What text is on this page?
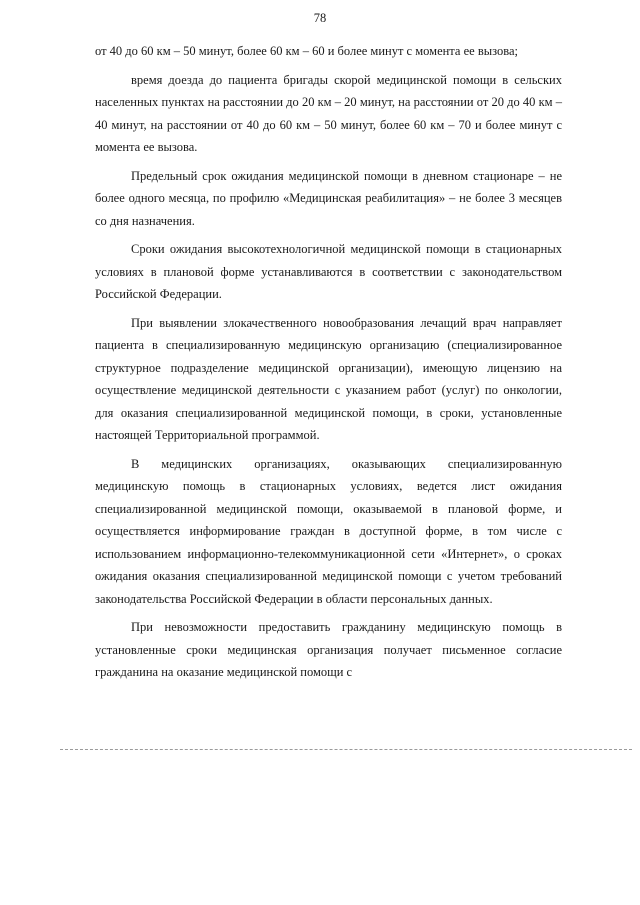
78

от 40 до 60 км – 50 минут, более 60 км – 60 и более минут с момента ее вызова;

время доезда до пациента бригады скорой медицинской помощи в сельских населенных пунктах на расстоянии до 20 км – 20 минут, на расстоянии от 20 до 40 км – 40 минут, на расстоянии от 40 до 60 км – 50 минут, более 60 км – 70 и более минут с момента ее вызова.

Предельный срок ожидания медицинской помощи в дневном стационаре – не более одного месяца, по профилю «Медицинская реабилитация» – не более 3 месяцев со дня назначения.

Сроки ожидания высокотехнологичной медицинской помощи в стационарных условиях в плановой форме устанавливаются в соответствии с законодательством Российской Федерации.

При выявлении злокачественного новообразования лечащий врач направляет пациента в специализированную медицинскую организацию (специализированное структурное подразделение медицинской организации), имеющую лицензию на осуществление медицинской деятельности с указанием работ (услуг) по онкологии, для оказания специализированной медицинской помощи, в сроки, установленные настоящей Территориальной программой.

В медицинских организациях, оказывающих специализированную медицинскую помощь в стационарных условиях, ведется лист ожидания специализированной медицинской помощи, оказываемой в плановой форме, и осуществляется информирование граждан в доступной форме, в том числе с использованием информационно-телекоммуникационной сети «Интернет», о сроках ожидания оказания специализированной медицинской помощи с учетом требований законодательства Российской Федерации в области персональных данных.

При невозможности предоставить гражданину медицинскую помощь в установленные сроки медицинская организация получает письменное согласие гражданина на оказание медицинской помощи с
